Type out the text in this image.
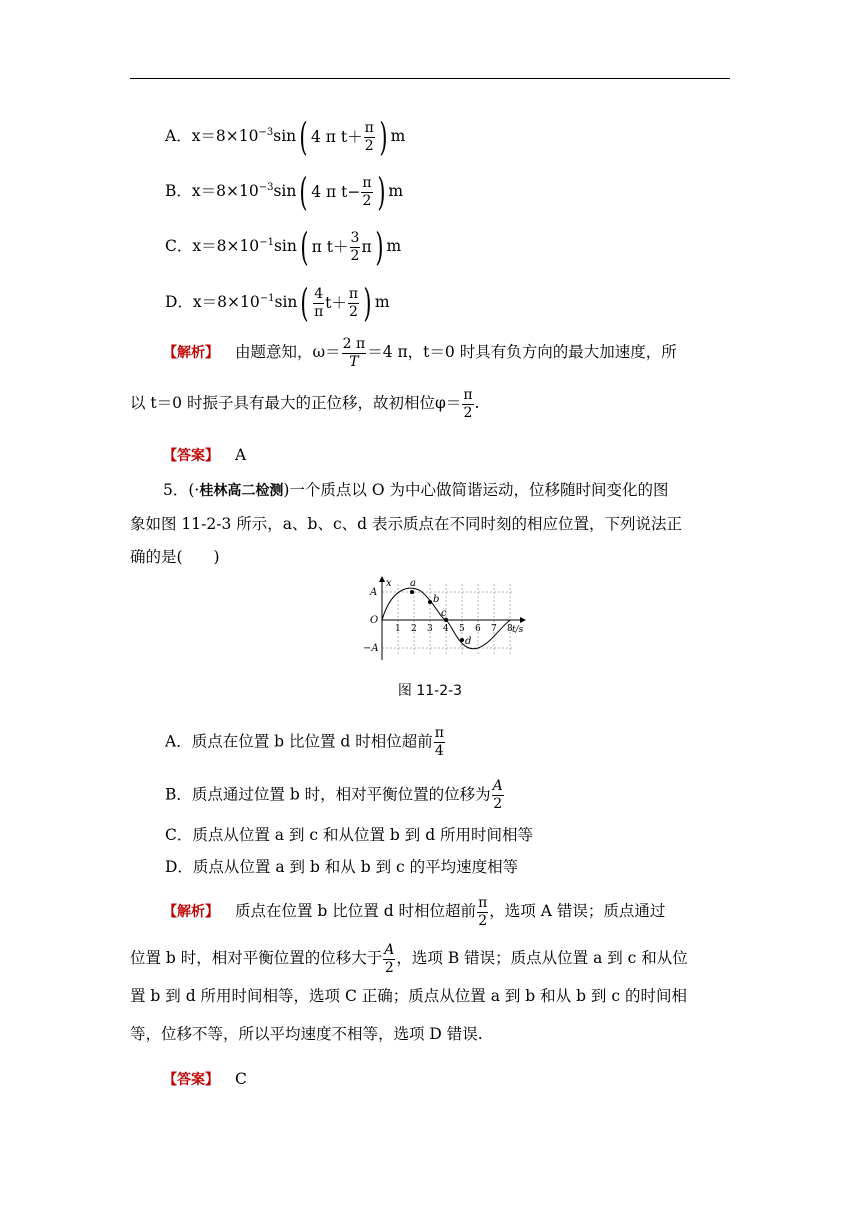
A．$x=8\times 10^{-3}\sin$ ( 4 π $t+ \frac{\pi}{2}$ ) m
B．$x=8\times 10^{-3}\sin$ ( 4 π $t- \frac{\pi}{2}$ ) m
C．$x=8\times 10^{-1}\sin$ ( π $t+ \frac{3}{2}$ π ) m
D．$x=8\times 10^{-1}\sin$ ( $\frac{4}{\pi} t+ \frac{\pi}{2}$ ) m
【解析】 由题意知，$\omega= \frac{2 \pi}{T} =4$ π，t＝0 时具有负方向的最大加速度，所
以 t＝0 时振子具有最大的正位移，故初相位$\varphi= \frac{\pi}{2}$ .
【答案】 A
5．(·桂林高二检测)一个质点以 O 为中心做简谐运动，位移随时间变化的图
象如图 11-2-3 所示，a、b、c、d 表示质点在不同时刻的相应位置，下列说法正
确的是(　　)
x
A
O
−A
1 2 3 4 5 6 7 8 t/s
a
b
c
d
图 11-2-3
A．质点在位置 b 比位置 d 时相位超前 $\frac{\pi}{4}$
B．质点通过位置 b 时，相对平衡位置的位移为 $\frac{A}{2}$
C．质点从位置 a 到 c 和从位置 b 到 d 所用时间相等
D．质点从位置 a 到 b 和从 b 到 c 的平均速度相等
【解析】 质点在位置 b 比位置 d 时相位超前 $\frac{\pi}{2}$ ，选项 A 错误；质点通过
位置 b 时，相对平衡位置的位移大于 $\frac{A}{2}$ ，选项 B 错误；质点从位置 a 到 c 和从位
置 b 到 d 所用时间相等，选项 C 正确；质点从位置 a 到 b 和从 b 到 c 的时间相
等，位移不等，所以平均速度不相等，选项 D 错误.
【答案】 C
